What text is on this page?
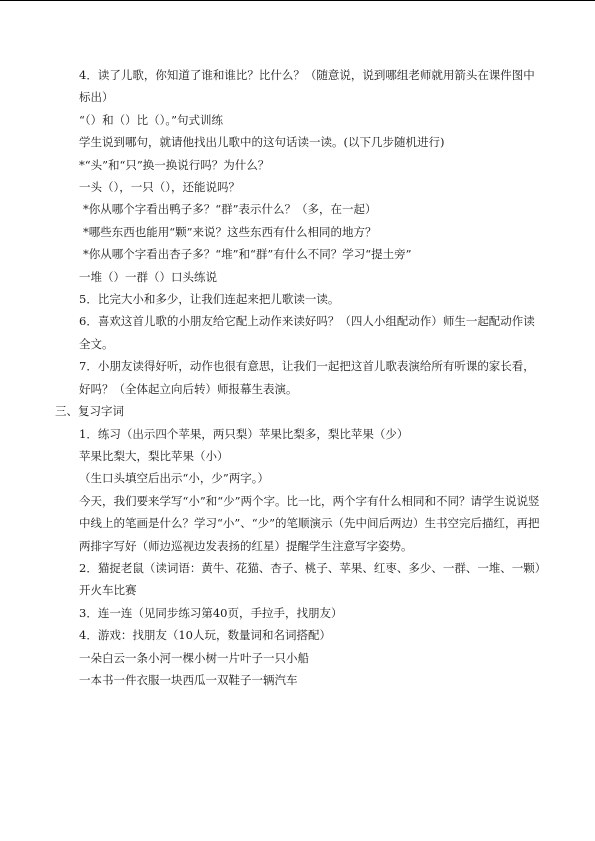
4．读了儿歌，你知道了谁和谁比？比什么？（随意说，说到哪组老师就用箭头在课件图中标出）
“（）和（）比（）。”句式训练
学生说到哪句，就请他找出儿歌中的这句话读一读。(以下几步随机进行)
*“头”和“只”换一换说行吗？为什么？
一头（），一只（），还能说吗？
*你从哪个字看出鸭子多？“群”表示什么？（多，在一起）
*哪些东西也能用“颗”来说？这些东西有什么相同的地方？
*你从哪个字看出杏子多？“堆”和“群”有什么不同？学习“提土旁”
一堆（）一群（）口头练说
5．比完大小和多少，让我们连起来把儿歌读一读。
6．喜欢这首儿歌的小朋友给它配上动作来读好吗？（四人小组配动作）师生一起配动作读全文。
7．小朋友读得好听，动作也很有意思，让我们一起把这首儿歌表演给所有听课的家长看，好吗？（全体起立向后转）师报幕生表演。
三、复习字词
1．练习（出示四个苹果，两只梨）苹果比梨多，梨比苹果（少）
苹果比梨大，梨比苹果（小）
（生口头填空后出示“小，少”两字。）
今天，我们要来学写“小”和“少”两个字。比一比，两个字有什么相同和不同？请学生说说竖中线上的笔画是什么？学习“小”、“少”的笔顺演示（先中间后两边）生书空完后描红，再把两排字写好（师边巡视边发表扬的红星）提醒学生注意写字姿势。
2．猫捉老鼠（读词语：黄牛、花猫、杏子、桃子、苹果、红枣、多少、一群、一堆、一颗）开火车比赛
3．连一连（见同步练习第40页，手拉手，找朋友）
4．游戏：找朋友（10人玩，数量词和名词搭配）
一朵白云一条小河一棵小树一片叶子一只小船
一本书一件衣服一块西瓜一双鞋子一辆汽车
